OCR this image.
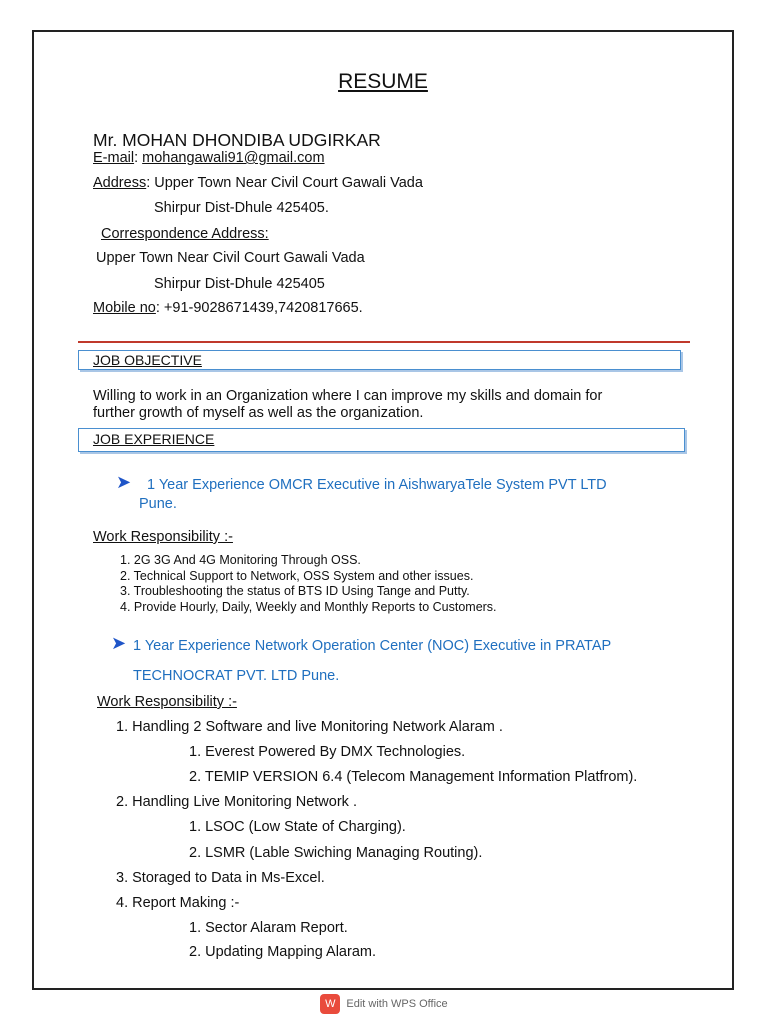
RESUME
Mr. MOHAN DHONDIBA UDGIRKAR
E-mail: mohangawali91@gmail.com
Address: Upper Town Near Civil Court Gawali Vada
Shirpur Dist-Dhule 425405.
Correspondence Address:
Upper Town Near Civil Court Gawali Vada
Shirpur Dist-Dhule 425405
Mobile no: +91-9028671439,7420817665.
JOB OBJECTIVE
Willing to work in an Organization where I can improve my skills and domain for
further growth of myself as well as the organization.
JOB EXPERIENCE
➤ 1 Year Experience OMCR Executive in AishwaryaTele System PVT LTD
Pune.
Work Responsibility :-
1. 2G 3G And 4G Monitoring Through OSS.
2. Technical Support to Network, OSS System and other issues.
3. Troubleshooting the status of BTS ID Using Tange and Putty.
4. Provide Hourly, Daily, Weekly and Monthly Reports to Customers.
➤ 1 Year Experience Network Operation Center (NOC) Executive in PRATAP
TECHNOCRAT PVT. LTD Pune.
Work Responsibility :-
1. Handling 2 Software and live Monitoring Network Alaram .
1. Everest Powered By DMX Technologies.
2. TEMIP VERSION 6.4 (Telecom Management Information Platfrom).
2. Handling Live Monitoring Network .
1. LSOC (Low State of Charging).
2. LSMR (Lable Swiching Managing Routing).
3. Storaged to Data in Ms-Excel.
4. Report Making :-
1. Sector Alaram Report.
2. Updating Mapping Alaram.
W Edit with WPS Office
